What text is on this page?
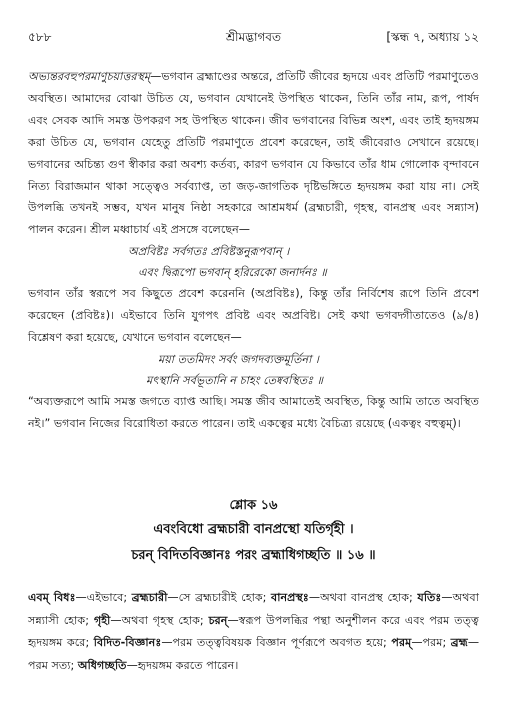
৫৮৮	শ্রীমদ্ভাগবত	[স্কন্ধ ৭, অধ্যায় ১২

অভ্যন্তরবহুপরমাণুচয়াত্তরস্থম্—ভগবান ব্রহ্মাণ্ডের অন্তরে, প্রতিটি জীবের হৃদয়ে এবং প্রতিটি পরমাণুতেও অবস্থিত। আমাদের বোঝা উচিত যে, ভগবান যেখানেই উপস্থিত থাকেন, তিনি তাঁর নাম, রূপ, পার্ষদ এবং সেবক আদি সমস্ত উপকরণ সহ উপস্থিত থাকেন। জীব ভগবানের বিভিন্ন অংশ, এবং তাই হৃদয়ঙ্গম করা উচিত যে, ভগবান যেহেতু প্রতিটি পরমাণুতে প্রবেশ করেছেন, তাই জীবেরাও সেখানে রয়েছে। ভগবানের অচিন্ত্য গুণ স্বীকার করা অবশ্য কর্তব্য, কারণ ভগবান যে কিভাবে তাঁর ধাম গোলোক বৃন্দাবনে নিত্য বিরাজমান থাকা সত্ত্বেও সর্বব্যাপ্ত, তা জড়-জাগতিক দৃষ্টিভঙ্গিতে হৃদয়ঙ্গম করা যায় না। সেই উপলব্ধি তখনই সম্ভব, যখন মানুষ নিষ্ঠা সহকারে আশ্রমধর্ম (ব্রহ্মচারী, গৃহস্থ, বানপ্রস্থ এবং সন্ন্যাস) পালন করেন। শ্রীল মধ্বাচার্য এই প্রসঙ্গে বলেছেন—

অপ্রবিষ্টঃ সর্বগতঃ প্রবিষ্টস্তনুরূপবান্ ।
এবং দ্বিরূপো ভগবান্ হরিরেকো জনার্দনঃ ॥

ভগবান তাঁর স্বরূপে সব কিছুতে প্রবেশ করেননি (অপ্রবিষ্টঃ), কিন্তু তাঁর নির্বিশেষ রূপে তিনি প্রবেশ করেছেন (প্রবিষ্টঃ)। এইভাবে তিনি যুগপৎ প্রবিষ্ট এবং অপ্রবিষ্ট। সেই কথা ভগবদ্গীতাতেও (৯/৪) বিশ্লেষণ করা হয়েছে, যেখানে ভগবান বলেছেন—

ময়া ততমিদং সর্বং জগদব্যক্তমূর্তিনা ।
মৎস্থানি সর্বভূতানি ন চাহং তেষ্ববস্থিতঃ ॥

“অব্যক্তরূপে আমি সমস্ত জগতে ব্যাপ্ত আছি। সমস্ত জীব আমাতেই অবস্থিত, কিন্তু আমি তাতে অবস্থিত নই।” ভগবান নিজের বিরোধিতা করতে পারেন। তাই একত্বের মধ্যে বৈচিত্র্য রয়েছে (একত্বং বহুত্বম্)।

শ্লোক ১৬
এবংবিধো ব্রহ্মচারী বানপ্রস্থো যতির্গৃহী ।
চরন্ বিদিতবিজ্ঞানঃ পরং ব্রহ্মাধিগচ্ছতি ॥ ১৬ ॥

এবম্ বিধঃ—এইভাবে; ব্রহ্মচারী—সে ব্রহ্মচারীই হোক; বানপ্রস্থঃ—অথবা বানপ্রস্থ হোক; যতিঃ—অথবা সন্ন্যাসী হোক; গৃহী—অথবা গৃহস্থ হোক; চরন্—স্বরূপ উপলব্ধির পন্থা অনুশীলন করে এবং পরম তত্ত্ব হৃদয়ঙ্গম করে; বিদিত-বিজ্ঞানঃ—পরম তত্ত্ববিষয়ক বিজ্ঞান পূর্ণরূপে অবগত হয়ে; পরম্—পরম; ব্রহ্ম—পরম সত্য; অধিগচ্ছতি—হৃদয়ঙ্গম করতে পারেন।
